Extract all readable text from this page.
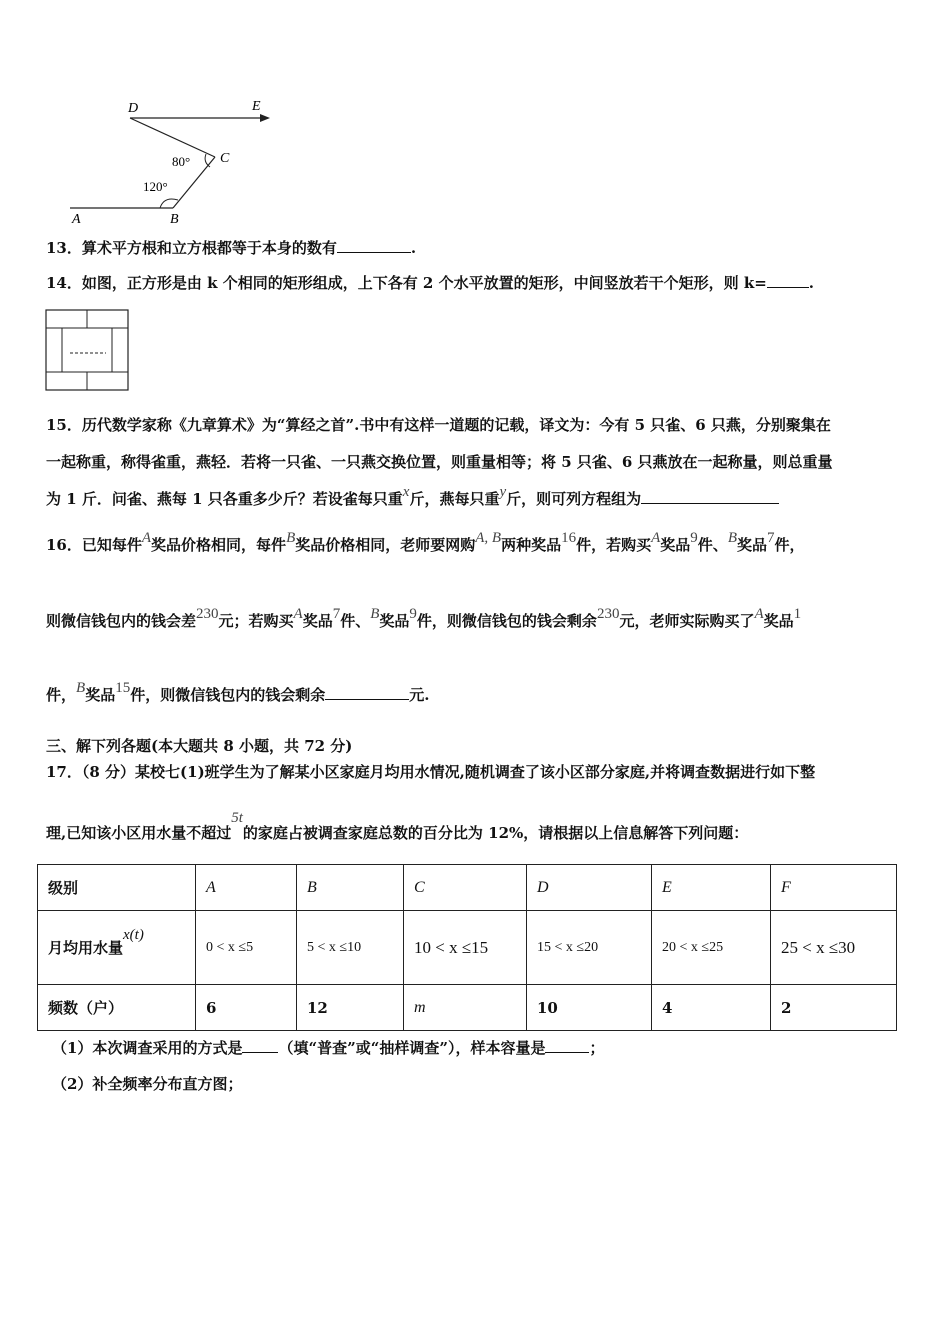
D	E
C
A	B
80°
120°
13．算术平方根和立方根都等于本身的数有	.
14．如图，正方形是由 k 个相同的矩形组成，上下各有 2 个水平放置的矩形，中间竖放若干个矩形，则 k=	.
15．历代数学家称《九章算术》为“算经之首”.书中有这样一道题的记载，译文为：今有 5 只雀、6 只燕，分别聚集在
一起称重，称得雀重，燕轻．若将一只雀、一只燕交换位置，则重量相等；将 5 只雀、6 只燕放在一起称量，则总重量
为 1 斤．问雀、燕每 1 只各重多少斤？若设雀每只重x斤，燕每只重y斤，则可列方程组为
16．已知每件A奖品价格相同，每件B奖品价格相同，老师要网购A, B两种奖品16件，若购买A奖品9件、B奖品7件，
则微信钱包内的钱会差230元；若购买A奖品7件、B奖品9件，则微信钱包的钱会剩余230元，老师实际购买了A奖品1
件，B奖品15件，则微信钱包内的钱会剩余	元.
三、解下列各题(本大题共 8 小题，共 72 分)
17．（8 分）某校七(1)班学生为了解某小区家庭月均用水情况,随机调查了该小区部分家庭,并将调查数据进行如下整
理,已知该小区用水量不超过5t的家庭占被调查家庭总数的百分比为 12%，请根据以上信息解答下列问题：
级别	A	B	C	D	E	F
月均用水量x(t)	0 < x ≤5	5 < x ≤10	10 < x ≤15	15 < x ≤20	20 < x ≤25	25 < x ≤30
频数（户）	6	12	m	10	4	2
（1）本次调查采用的方式是 （填“普查”或“抽样调查”），样本容量是	；
（2）补全频率分布直方图；
